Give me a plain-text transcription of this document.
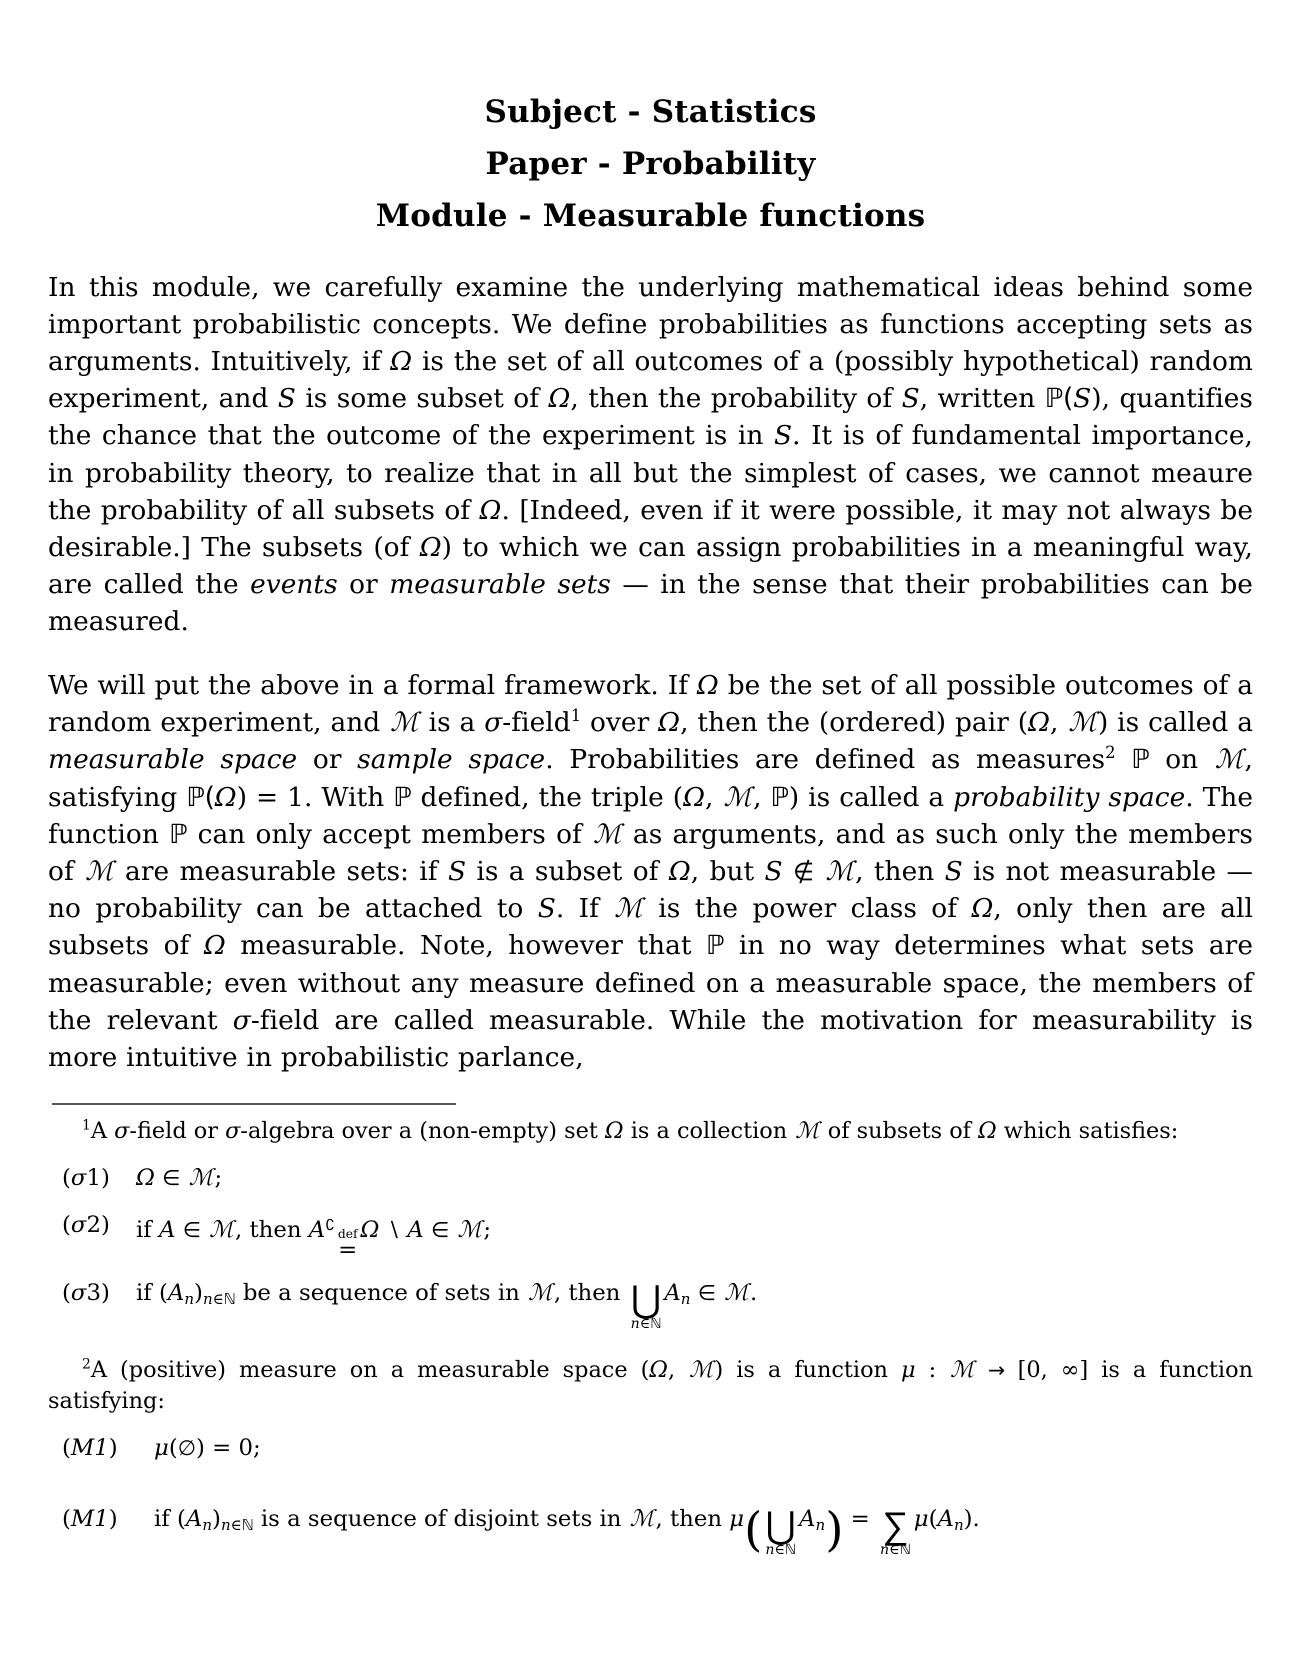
Subject - Statistics
Paper - Probability
Module - Measurable functions

In this module, we carefully examine the underlying mathematical ideas behind some important probabilistic concepts. We define probabilities as functions accepting sets as arguments. Intuitively, if Ω is the set of all outcomes of a (possibly hypothetical) random experiment, and S is some subset of Ω, then the probability of S, written ℙ(S), quantifies the chance that the outcome of the experiment is in S. It is of fundamental importance, in probability theory, to realize that in all but the simplest of cases, we cannot meaure the probability of all subsets of Ω. [Indeed, even if it were possible, it may not always be desirable.] The subsets (of Ω) to which we can assign probabilities in a meaningful way, are called the events or measurable sets — in the sense that their probabilities can be measured.

We will put the above in a formal framework. If Ω be the set of all possible outcomes of a random experiment, and ℳ is a σ-field$^1$ over Ω, then the (ordered) pair (Ω, ℳ) is called a measurable space or sample space. Probabilities are defined as measures$^2$ ℙ on ℳ, satisfying ℙ(Ω) = 1. With ℙ defined, the triple (Ω, ℳ, ℙ) is called a probability space. The function ℙ can only accept members of ℳ as arguments, and as such only the members of ℳ are measurable sets: if S is a subset of Ω, but S ∉ ℳ, then S is not measurable — no probability can be attached to S. If ℳ is the power class of Ω, only then are all subsets of Ω measurable. Note, however that ℙ in no way determines what sets are measurable; even without any measure defined on a measurable space, the members of the relevant σ-field are called measurable. While the motivation for measurability is more intuitive in probabilistic parlance,

$^1$A σ-field or σ-algebra over a (non-empty) set Ω is a collection ℳ of subsets of Ω which satisfies:
(σ1)	Ω ∈ ℳ;
(σ2)	if A ∈ ℳ, then A∁
def
=
Ω ∖ A ∈ ℳ;
(σ3)	if $(A_n)_{n\in ℕ}$ be a sequence of sets in ℳ, then ⋃
n∈ℕ
$A_n$ ∈ ℳ.
$^2$A (positive) measure on a measurable space (Ω, ℳ) is a function μ : ℳ → [0, ∞] is a function satisfying:
(M1)	μ(∅) = 0;
(M1)	if $(A_n)_{n\in ℕ}$ is a sequence of disjoint sets in ℳ, then μ( ⋃
n∈ℕ
$A_n$) = ∑
n∈ℕ
$\mu(A_n)$.
